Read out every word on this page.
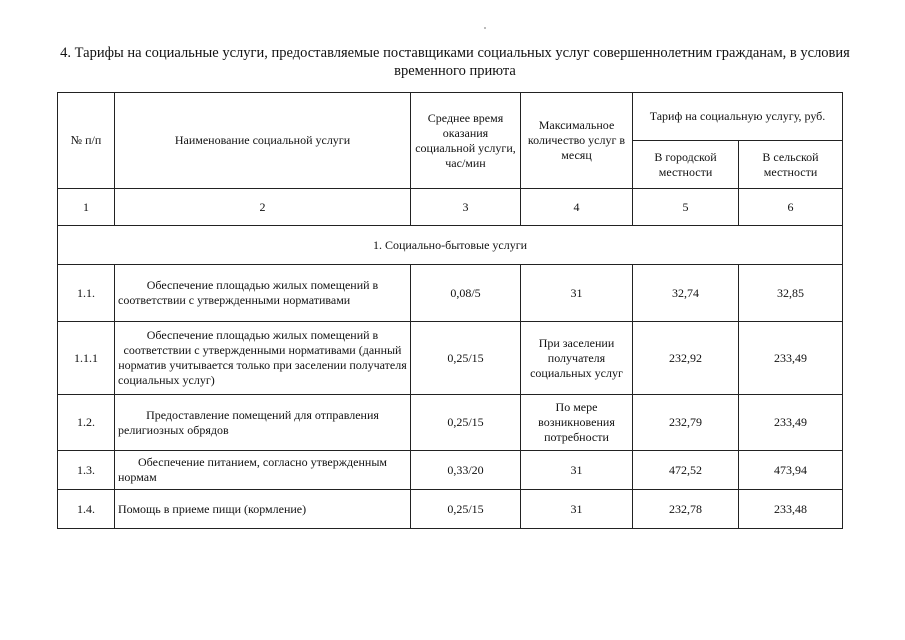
4. Тарифы на социальные услуги, предоставляемые поставщиками социальных услуг совершеннолетним гражданам, в условия временного приюта
№ п/п	Наименование социальной услуги	Среднее время оказания социальной услуги, час/мин	Максимальное количество услуг в месяц	Тариф на социальную услугу, руб.	
				В городской местности	В сельской местности
1	2	3	4	5	6
1. Социально-бытовые услуги					
1.1.	Обеспечение площадью жилых помещений в соответствии с утвержденными нормативами	0,08/5	31	32,74	32,85
1.1.1	Обеспечение площадью жилых помещений в соответствии с утвержденными нормативами (данный норматив учитывается только при заселении получателя социальных услуг)	0,25/15	При заселении получателя социальных услуг	232,92	233,49
1.2.	Предоставление помещений для отправления религиозных обрядов	0,25/15	По мере возникновения потребности	232,79	233,49
1.3.	Обеспечение питанием, согласно утвержденным нормам	0,33/20	31	472,52	473,94
1.4.	Помощь в приеме пищи (кормление)	0,25/15	31	232,78	233,48
